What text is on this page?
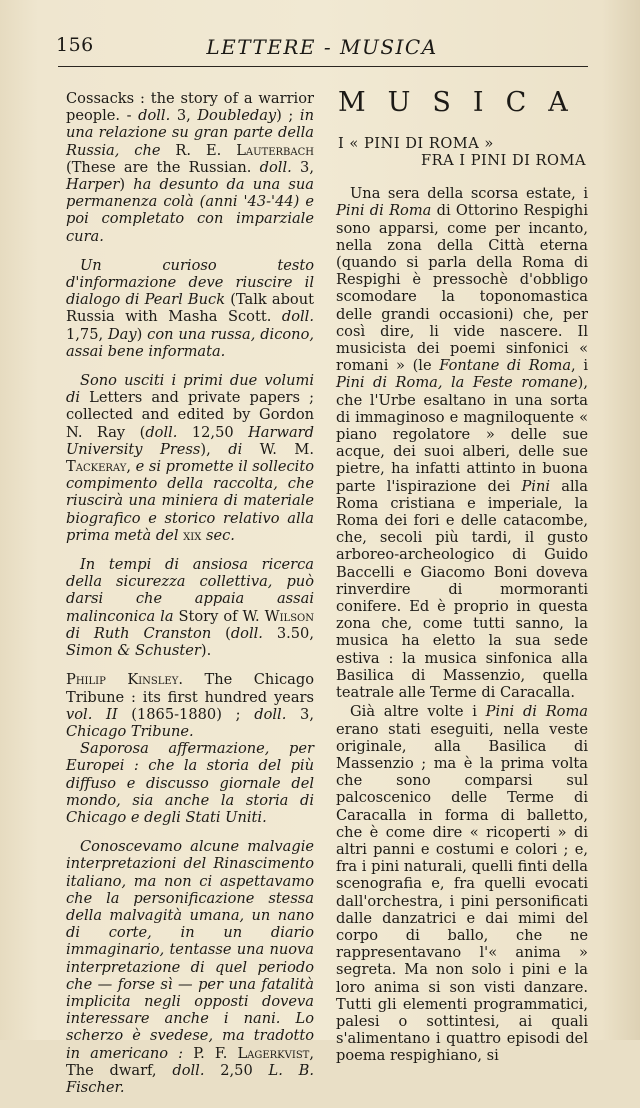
156	LETTERE - MUSICA

Cossacks : the story of a warrior people. - doll. 3, Doubleday) ; in una relazione su gran parte della Russia, che R. E. Lauterbach (These are the Russian. doll. 3, Harper) ha desunto da una sua permanenza colà (anni '43-'44) e poi completato con imparziale cura.

Un curioso testo d'informazione deve riuscire il dialogo di Pearl Buck (Talk about Russia with Masha Scott. doll. 1,75, Day) con una russa, dicono, assai bene informata.

Sono usciti i primi due volumi di Letters and private papers ; collected and edited by Gordon N. Ray (doll. 12,50 Harward University Press), di W. M. Tackeray, e si promette il sollecito compimento della raccolta, che riuscirà una miniera di materiale biografico e storico relativo alla prima metà del xix sec.

In tempi di ansiosa ricerca della sicurezza collettiva, può darsi che appaia assai malinconica la Story of W. Wilson di Ruth Cranston (doll. 3.50, Simon & Schuster).

Philip Kinsley. The Chicago Tribune : its first hundred years vol. II (1865-1880) ; doll. 3, Chicago Tribune.

Saporosa affermazione, per Europei : che la storia del più diffuso e discusso giornale del mondo, sia anche la storia di Chicago e degli Stati Uniti.

Conoscevamo alcune malvagie interpretazioni del Rinascimento italiano, ma non ci aspettavamo che la personificazione stessa della malvagità umana, un nano di corte, in un diario immaginario, tentasse una nuova interpretazione di quel periodo che — forse sì — per una fatalità implicita negli opposti doveva interessare anche i nani. Lo scherzo è svedese, ma tradotto in americano : P. F. Lagerkvist, The dwarf, doll. 2,50 L. B. Fischer.

MUSICA
I « PINI DI ROMA »
FRA I PINI DI ROMA

Una sera della scorsa estate, i Pini di Roma di Ottorino Respighi sono apparsi, come per incanto, nella zona della Città eterna (quando si parla della Roma di Respighi è pressochè d'obbligo scomodare la toponomastica delle grandi occasioni) che, per così dire, li vide nascere. Il musicista dei poemi sinfonici « romani » (le Fontane di Roma, i Pini di Roma, la Feste romane), che l'Urbe esaltano in una sorta di immaginoso e magniloquente « piano regolatore » delle sue acque, dei suoi alberi, delle sue pietre, ha infatti attinto in buona parte l'ispirazione dei Pini alla Roma cristiana e imperiale, la Roma dei fori e delle catacombe, che, secoli più tardi, il gusto arboreo-archeologico di Guido Baccelli e Giacomo Boni doveva rinverdire di mormoranti conifere. Ed è proprio in questa zona che, come tutti sanno, la musica ha eletto la sua sede estiva : la musica sinfonica alla Basilica di Massenzio, quella teatrale alle Terme di Caracalla.

Già altre volte i Pini di Roma erano stati eseguiti, nella veste originale, alla Basilica di Massenzio ; ma è la prima volta che sono comparsi sul palcoscenico delle Terme di Caracalla in forma di balletto, che è come dire « ricoperti » di altri panni e costumi e colori ; e, fra i pini naturali, quelli finti della scenografia e, fra quelli evocati dall'orchestra, i pini personificati dalle danzatrici e dai mimi del corpo di ballo, che ne rappresentavano l'« anima » segreta. Ma non solo i pini e la loro anima si son visti danzare. Tutti gli elementi programmatici, palesi o sottintesi, ai quali s'alimentano i quattro episodi del poema respighiano, si
